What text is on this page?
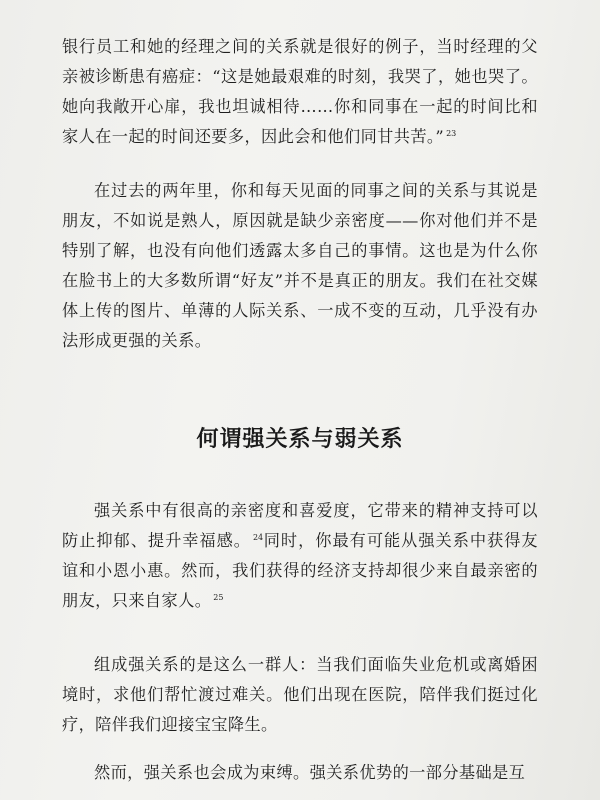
银行员工和她的经理之间的关系就是很好的例子，当时经理的父亲被诊断患有癌症：“这是她最艰难的时刻，我哭了，她也哭了。她向我敞开心扉，我也坦诚相待……你和同事在一起的时间比和家人在一起的时间还要多，因此会和他们同甘共苦。” $^{23}$

在过去的两年里，你和每天见面的同事之间的关系与其说是朋友，不如说是熟人，原因就是缺少亲密度——你对他们并不是特别了解，也没有向他们透露太多自己的事情。这也是为什么你在脸书上的大多数所谓“好友”并不是真正的朋友。我们在社交媒体上传的图片、单薄的人际关系、一成不变的互动，几乎没有办法形成更强的关系。

何谓强关系与弱关系

强关系中有很高的亲密度和喜爱度，它带来的精神支持可以防止抑郁、提升幸福感。 $^{24}$同时，你最有可能从强关系中获得友谊和小恩小惠。然而，我们获得的经济支持却很少来自最亲密的朋友，只来自家人。 $^{25}$

组成强关系的是这么一群人：当我们面临失业危机或离婚困境时，求他们帮忙渡过难关。他们出现在医院，陪伴我们挺过化疗，陪伴我们迎接宝宝降生。

然而，强关系也会成为束缚。强关系优势的一部分基础是互
